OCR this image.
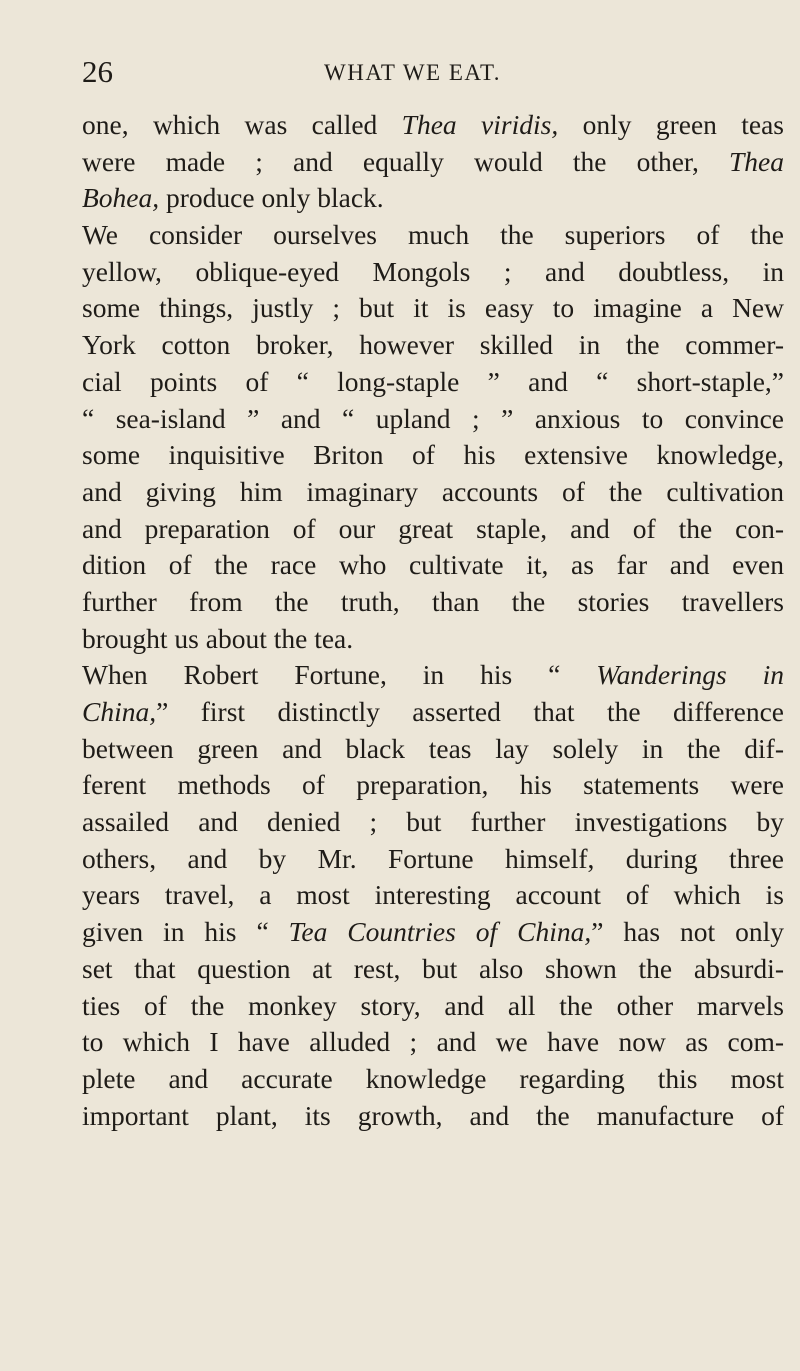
26	WHAT WE EAT.
one, which was called Thea viridis, only green teas
were made ; and equally would the other, Thea
Bohea, produce only black.
We consider ourselves much the superiors of the
yellow, oblique-eyed Mongols ; and doubtless, in
some things, justly ; but it is easy to imagine a New
York cotton broker, however skilled in the commer-
cial points of “ long-staple ” and “ short-staple,”
“ sea-island ” and “ upland ; ” anxious to convince
some inquisitive Briton of his extensive knowledge,
and giving him imaginary accounts of the cultivation
and preparation of our great staple, and of the con-
dition of the race who cultivate it, as far and even
further from the truth, than the stories travellers
brought us about the tea.
When Robert Fortune, in his “ Wanderings in
China,” first distinctly asserted that the difference
between green and black teas lay solely in the dif-
ferent methods of preparation, his statements were
assailed and denied ; but further investigations by
others, and by Mr. Fortune himself, during three
years travel, a most interesting account of which is
given in his “ Tea Countries of China,” has not only
set that question at rest, but also shown the absurdi-
ties of the monkey story, and all the other marvels
to which I have alluded ; and we have now as com-
plete and accurate knowledge regarding this most
important plant, its growth, and the manufacture of
